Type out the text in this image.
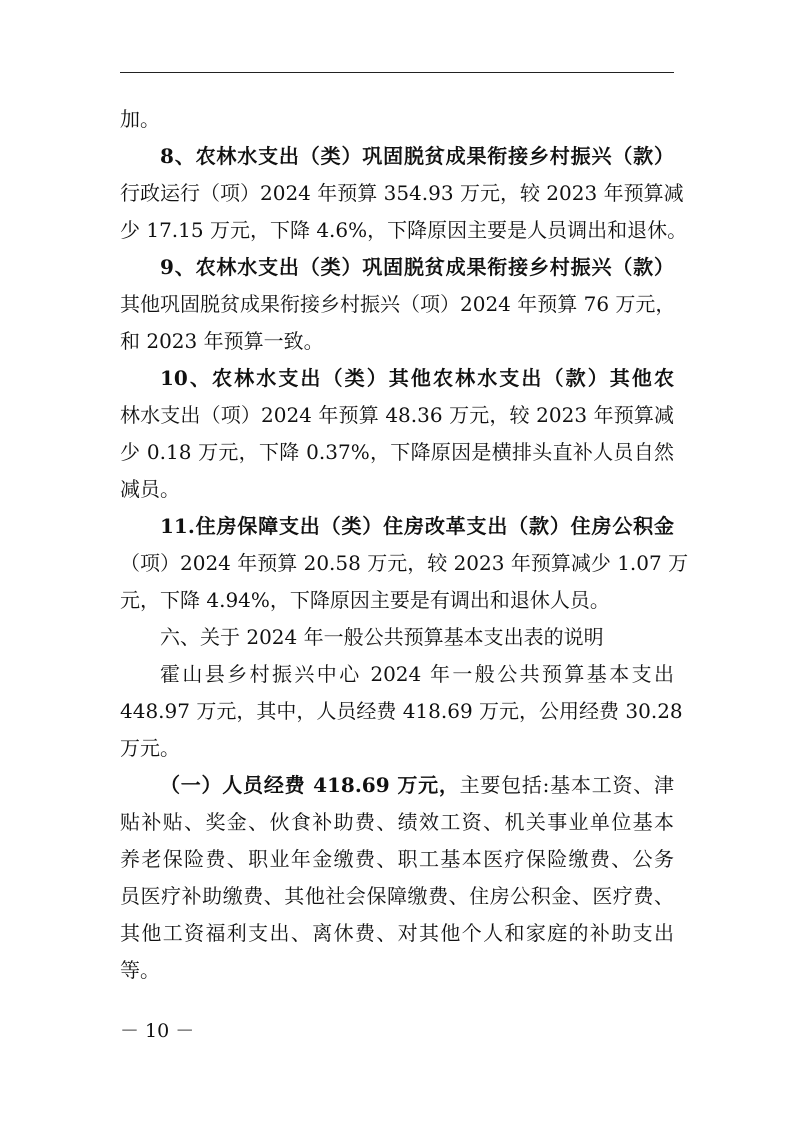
加。
8、农林水支出（类）巩固脱贫成果衔接乡村振兴（款）
行政运行（项）2024 年预算 354.93 万元，较 2023 年预算减
少 17.15 万元，下降 4.6%，下降原因主要是人员调出和退休。
9、农林水支出（类）巩固脱贫成果衔接乡村振兴（款）
其他巩固脱贫成果衔接乡村振兴（项）2024 年预算 76 万元，
和 2023 年预算一致。
10、农林水支出（类）其他农林水支出（款）其他农
林水支出（项）2024 年预算 48.36 万元，较 2023 年预算减
少 0.18 万元，下降 0.37%，下降原因是横排头直补人员自然
减员。
11.住房保障支出（类）住房改革支出（款）住房公积金
（项）2024 年预算 20.58 万元，较 2023 年预算减少 1.07 万
元，下降 4.94%，下降原因主要是有调出和退休人员。
六、关于 2024 年一般公共预算基本支出表的说明
霍山县乡村振兴中心 2024 年一般公共预算基本支出
448.97 万元，其中，人员经费 418.69 万元，公用经费 30.28
万元。
（一）人员经费 418.69 万元，主要包括:基本工资、津
贴补贴、奖金、伙食补助费、绩效工资、机关事业单位基本
养老保险费、职业年金缴费、职工基本医疗保险缴费、公务
员医疗补助缴费、其他社会保障缴费、住房公积金、医疗费、
其他工资福利支出、离休费、对其他个人和家庭的补助支出
等。
－ 10 －
